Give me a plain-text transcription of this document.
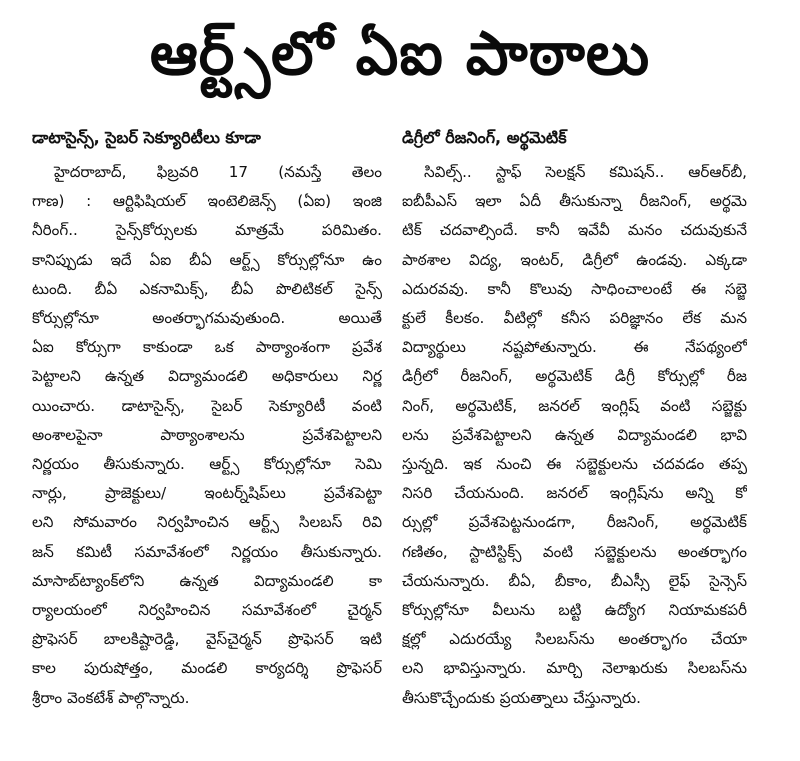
ఆర్ట్స్‌లో ఏఐ పాఠాలు
డాటాసైన్స్, సైబర్ సెక్యూరిటీలు కూడా
హైదరాబాద్, ఫిబ్రవరి 17 (నమస్తే తెలం
గాణ) : ఆర్టిఫిషియల్ ఇంటెలిజెన్స్ (ఏఐ) ఇంజి
నీరింగ్.. సైన్స్‌కోర్సులకు మాత్రమే పరిమితం.
కానిప్పుడు ఇదే ఏఐ బీఏ ఆర్ట్స్ కోర్సుల్లోనూ ఉం
టుంది. బీఏ ఎకనామిక్స్, బీఏ పొలిటికల్ సైన్స్
కోర్సుల్లోనూ అంతర్భాగమవుతుంది. అయితే
ఏఐ కోర్సుగా కాకుండా ఒక పాఠ్యాంశంగా ప్రవేశ
పెట్టాలని ఉన్నత విద్యామండలి అధికారులు నిర్ణ
యించారు. డాటాసైన్స్, సైబర్ సెక్యూరిటీ వంటి
అంశాలపైనా పాఠ్యాంశాలను ప్రవేశపెట్టాలని
నిర్ణయం తీసుకున్నారు. ఆర్ట్స్ కోర్సుల్లోనూ సెమి
నార్లు, ప్రాజెక్టులు/ ఇంటర్న్‌షిప్‌లు ప్రవేశపెట్టా
లని సోమవారం నిర్వహించిన ఆర్ట్స్ సిలబస్ రివి
జన్ కమిటీ సమావేశంలో నిర్ణయం తీసుకున్నారు.
మాసాబ్‌ట్యాంక్‌లోని ఉన్నత విద్యామండలి కా
ర్యాలయంలో నిర్వహించిన సమావేశంలో చైర్మన్
ప్రొఫెసర్ బాలకిష్టారెడ్డి, వైస్‌చైర్మన్ ప్రొఫెసర్ ఇటి
కాల పురుషోత్తం, మండలి కార్యదర్శి ప్రొఫెసర్
శ్రీరాం వెంకటేశ్ పాల్గొన్నారు.
డిగ్రీలో రీజనింగ్, అర్థమెటిక్
సివిల్స్.. స్టాఫ్ సెలక్షన్ కమిషన్.. ఆర్‌ఆర్‌బీ,
ఐబీపీఎస్ ఇలా ఏదీ తీసుకున్నా రీజనింగ్, అర్థమె
టిక్ చదవాల్సిందే. కానీ ఇవేవీ మనం చదువుకునే
పాఠశాల విద్య, ఇంటర్, డిగ్రీలో ఉండవు. ఎక్కడా
ఎదురవవు. కానీ కొలువు సాధించాలంటే ఈ సబ్జె
క్టులే కీలకం. వీటిల్లో కనీస పరిజ్ఞానం లేక మన
విద్యార్థులు నష్టపోతున్నారు. ఈ నేపథ్యంలో
డిగ్రీలో రీజనింగ్, అర్థమెటిక్ డిగ్రీ కోర్సుల్లో రీజ
నింగ్, అర్థమెటిక్, జనరల్ ఇంగ్లిష్ వంటి సబ్జెక్టు
లను ప్రవేశపెట్టాలని ఉన్నత విద్యామండలి భావి
స్తున్నది. ఇక నుంచి ఈ సబ్జెక్టులను చదవడం తప్ప
నిసరి చేయనుంది. జనరల్ ఇంగ్లిష్‌ను అన్ని కో
ర్సుల్లో ప్రవేశపెట్టనుండగా, రీజనింగ్, అర్థమెటిక్
గణితం, స్టాటిస్టిక్స్ వంటి సబ్జెక్టులను అంతర్భాగం
చేయనున్నారు. బీఏ, బీకాం, బీఎస్సీ లైఫ్ సైన్సెస్
కోర్సుల్లోనూ వీలును బట్టి ఉద్యోగ నియామకపరీ
క్షల్లో ఎదురయ్యే సిలబస్‌ను అంతర్భాగం చేయా
లని భావిస్తున్నారు. మార్చి నెలాఖరుకు సిలబస్‌ను
తీసుకొచ్చేందుకు ప్రయత్నాలు చేస్తున్నారు.
